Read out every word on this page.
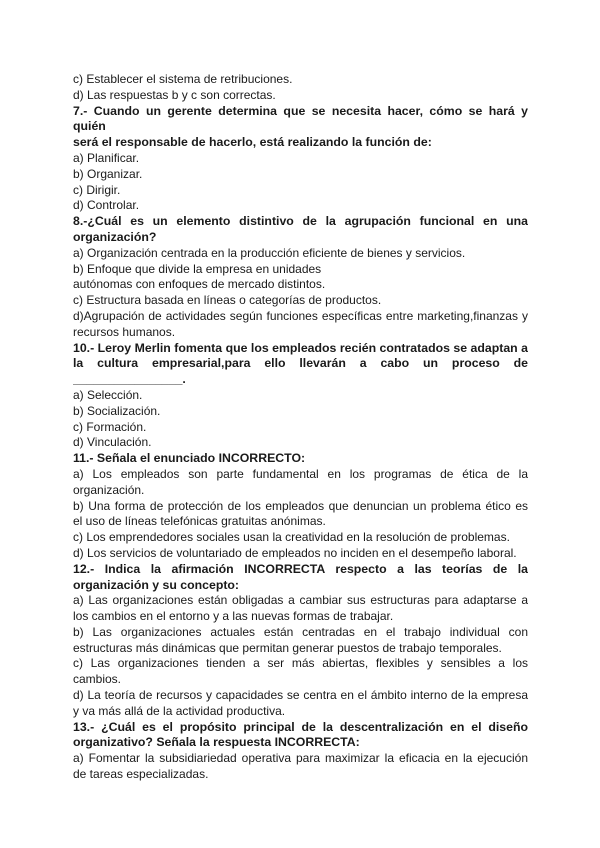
c) Establecer el sistema de retribuciones.
d) Las respuestas b y c son correctas.
7.- Cuando un gerente determina que se necesita hacer, cómo se hará y quién
será el responsable de hacerlo, está realizando la función de:
a) Planificar.
b) Organizar.
c) Dirigir.
d) Controlar.
8.-¿Cuál es un elemento distintivo de la agrupación funcional en una
organización?
a) Organización centrada en la producción eficiente de bienes y servicios.
b) Enfoque que divide la empresa en unidades
autónomas con enfoques de mercado distintos.
c) Estructura basada en líneas o categorías de productos.
d)Agrupación de actividades según funciones específicas entre marketing,finanzas y
recursos humanos.
10.- Leroy Merlin fomenta que los empleados recién contratados se adaptan a
la cultura empresarial,para ello llevarán a cabo un proceso de
________________.
a) Selección.
b) Socialización.
c) Formación.
d) Vinculación.
11.- Señala el enunciado INCORRECTO:
a) Los empleados son parte fundamental en los programas de ética de la
organización.
b) Una forma de protección de los empleados que denuncian un problema ético es
el uso de líneas telefónicas gratuitas anónimas.
c) Los emprendedores sociales usan la creatividad en la resolución de problemas.
d) Los servicios de voluntariado de empleados no inciden en el desempeño laboral.
12.- Indica la afirmación INCORRECTA respecto a las teorías de la
organización y su concepto:
a) Las organizaciones están obligadas a cambiar sus estructuras para adaptarse a
los cambios en el entorno y a las nuevas formas de trabajar.
b) Las organizaciones actuales están centradas en el trabajo individual con
estructuras más dinámicas que permitan generar puestos de trabajo temporales.
c) Las organizaciones tienden a ser más abiertas, flexibles y sensibles a los
cambios.
d) La teoría de recursos y capacidades se centra en el ámbito interno de la empresa
y va más allá de la actividad productiva.
13.- ¿Cuál es el propósito principal de la descentralización en el diseño
organizativo? Señala la respuesta INCORRECTA:
a) Fomentar la subsidiariedad operativa para maximizar la eficacia en la ejecución
de tareas especializadas.
